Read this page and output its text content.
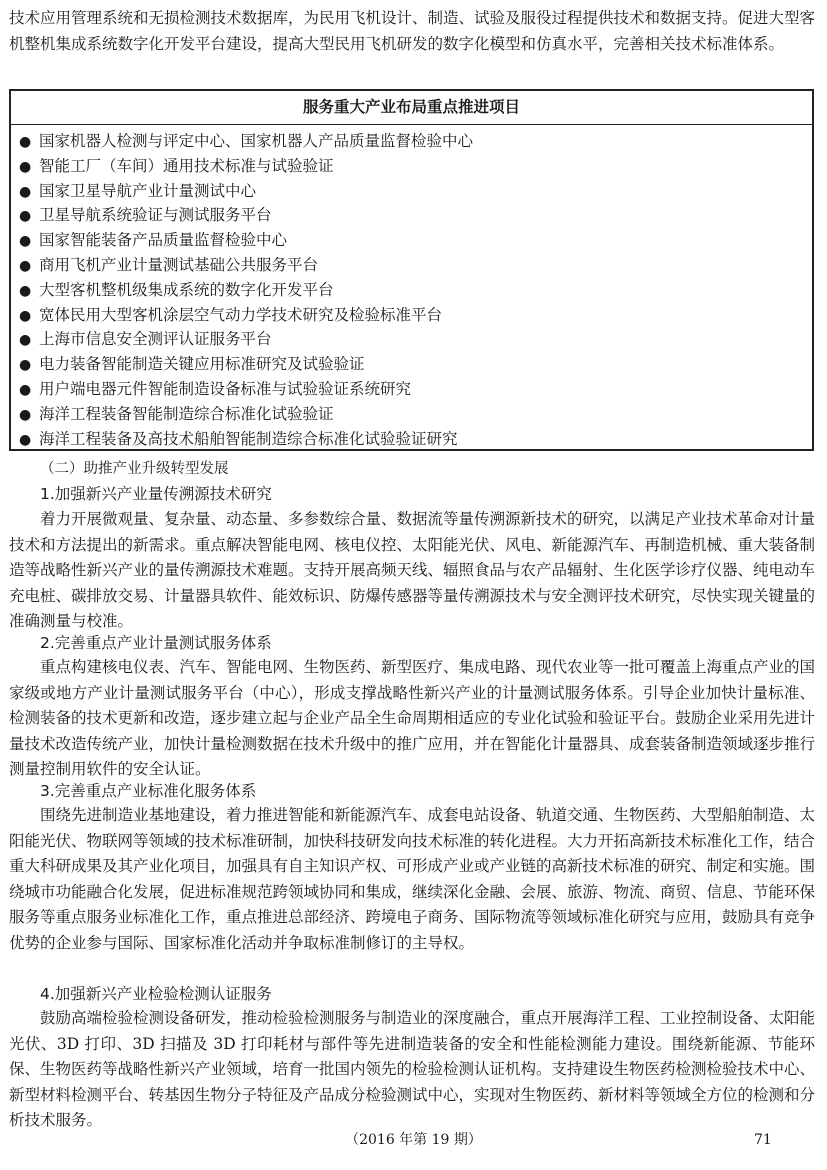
技术应用管理系统和无损检测技术数据库，为民用飞机设计、制造、试验及服役过程提供技术和数据支持。促进大型客机整机集成系统数字化开发平台建设，提高大型民用飞机研发的数字化模型和仿真水平，完善相关技术标准体系。

服务重大产业布局重点推进项目
● 国家机器人检测与评定中心、国家机器人产品质量监督检验中心
● 智能工厂（车间）通用技术标准与试验验证
● 国家卫星导航产业计量测试中心
● 卫星导航系统验证与测试服务平台
● 国家智能装备产品质量监督检验中心
● 商用飞机产业计量测试基础公共服务平台
● 大型客机整机级集成系统的数字化开发平台
● 宽体民用大型客机涂层空气动力学技术研究及检验标准平台
● 上海市信息安全测评认证服务平台
● 电力装备智能制造关键应用标准研究及试验验证
● 用户端电器元件智能制造设备标准与试验验证系统研究
● 海洋工程装备智能制造综合标准化试验验证
● 海洋工程装备及高技术船舶智能制造综合标准化试验验证研究
（二）助推产业升级转型发展
1.加强新兴产业量传溯源技术研究

着力开展微观量、复杂量、动态量、多参数综合量、数据流等量传溯源新技术的研究，以满足产业技术革命对计量技术和方法提出的新需求。重点解决智能电网、核电仪控、太阳能光伏、风电、新能源汽车、再制造机械、重大装备制造等战略性新兴产业的量传溯源技术难题。支持开展高频天线、辐照食品与农产品辐射、生化医学诊疗仪器、纯电动车充电桩、碳排放交易、计量器具软件、能效标识、防爆传感器等量传溯源技术与安全测评技术研究，尽快实现关键量的准确测量与校准。

2.完善重点产业计量测试服务体系

重点构建核电仪表、汽车、智能电网、生物医药、新型医疗、集成电路、现代农业等一批可覆盖上海重点产业的国家级或地方产业计量测试服务平台（中心），形成支撑战略性新兴产业的计量测试服务体系。引导企业加快计量标准、检测装备的技术更新和改造，逐步建立起与企业产品全生命周期相适应的专业化试验和验证平台。鼓励企业采用先进计量技术改造传统产业，加快计量检测数据在技术升级中的推广应用，并在智能化计量器具、成套装备制造领域逐步推行测量控制用软件的安全认证。

3.完善重点产业标准化服务体系

围绕先进制造业基地建设，着力推进智能和新能源汽车、成套电站设备、轨道交通、生物医药、大型船舶制造、太阳能光伏、物联网等领域的技术标准研制，加快科技研发向技术标准的转化进程。大力开拓高新技术标准化工作，结合重大科研成果及其产业化项目，加强具有自主知识产权、可形成产业或产业链的高新技术标准的研究、制定和实施。围绕城市功能融合化发展，促进标准规范跨领域协同和集成，继续深化金融、会展、旅游、物流、商贸、信息、节能环保服务等重点服务业标准化工作，重点推进总部经济、跨境电子商务、国际物流等领域标准化研究与应用，鼓励具有竞争优势的企业参与国际、国家标准化活动并争取标准制修订的主导权。

4.加强新兴产业检验检测认证服务

鼓励高端检验检测设备研发，推动检验检测服务与制造业的深度融合，重点开展海洋工程、工业控制设备、太阳能光伏、3D 打印、3D 扫描及 3D 打印耗材与部件等先进制造装备的安全和性能检测能力建设。围绕新能源、节能环保、生物医药等战略性新兴产业领域，培育一批国内领先的检验检测认证机构。支持建设生物医药检测检验技术中心、新型材料检测平台、转基因生物分子特征及产品成分检验测试中心，实现对生物医药、新材料等领域全方位的检测和分析技术服务。

（2016 年第 19 期）	71
